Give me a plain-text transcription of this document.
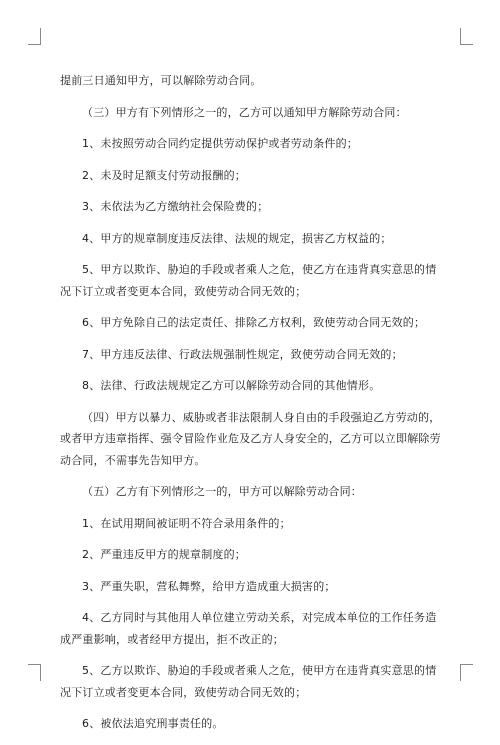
提前三日通知甲方，可以解除劳动合同。

（三）甲方有下列情形之一的，乙方可以通知甲方解除劳动合同：

1、未按照劳动合同约定提供劳动保护或者劳动条件的；

2、未及时足额支付劳动报酬的；

3、未依法为乙方缴纳社会保险费的；

4、甲方的规章制度违反法律、法规的规定，损害乙方权益的；

5、甲方以欺诈、胁迫的手段或者乘人之危，使乙方在违背真实意思的情况下订立或者变更本合同，致使劳动合同无效的；

6、甲方免除自己的法定责任、排除乙方权利，致使劳动合同无效的；

7、甲方违反法律、行政法规强制性规定，致使劳动合同无效的；

8、法律、行政法规规定乙方可以解除劳动合同的其他情形。

（四）甲方以暴力、威胁或者非法限制人身自由的手段强迫乙方劳动的，或者甲方违章指挥、强令冒险作业危及乙方人身安全的，乙方可以立即解除劳动合同，不需事先告知甲方。

（五）乙方有下列情形之一的，甲方可以解除劳动合同：

1、在试用期间被证明不符合录用条件的；

2、严重违反甲方的规章制度的；

3、严重失职，营私舞弊，给甲方造成重大损害的；

4、乙方同时与其他用人单位建立劳动关系，对完成本单位的工作任务造成严重影响，或者经甲方提出，拒不改正的；

5、乙方以欺诈、胁迫的手段或者乘人之危，使甲方在违背真实意思的情况下订立或者变更本合同，致使劳动合同无效的；

6、被依法追究刑事责任的。
